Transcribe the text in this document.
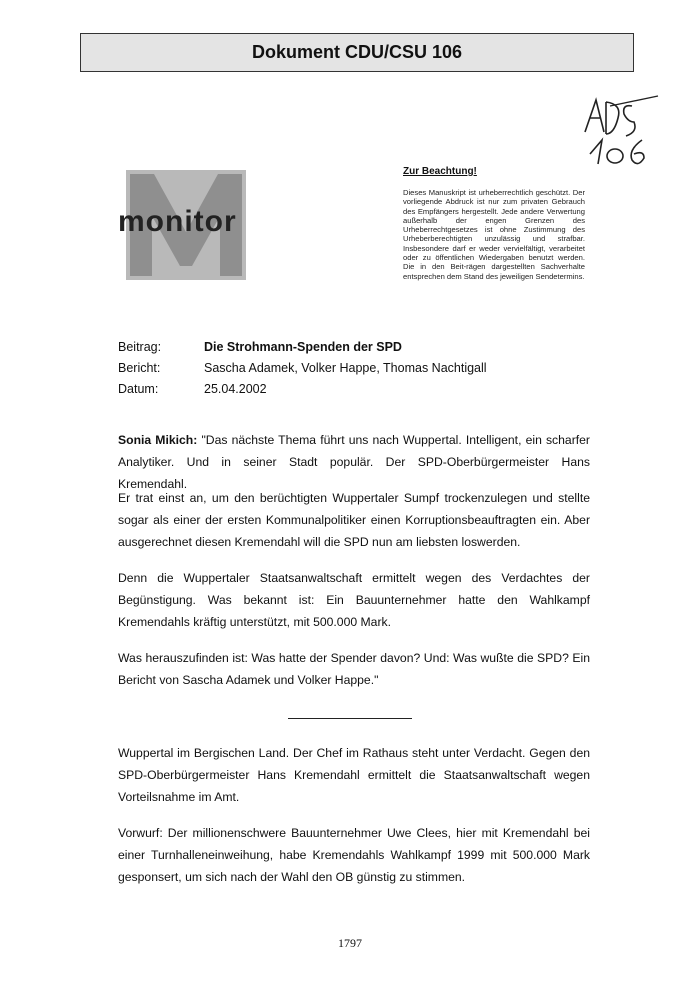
Dokument CDU/CSU 106
monitor
Zur Beachtung!
Dieses Manuskript ist urheberrechtlich geschützt. Der vorliegende Abdruck ist nur zum privaten Gebrauch des Empfängers hergestellt. Jede andere Verwertung außerhalb der engen Grenzen des Urheberrechtgesetzes ist ohne Zustimmung des Urheberberechtigten unzulässig und strafbar. Insbesondere darf er weder vervielfältigt, verarbeitet oder zu öffentlichen Wiedergaben benutzt werden. Die in den Beit-rägen dargestellten Sachverhalte entsprechen dem Stand des jeweiligen Sendetermins.
Beitrag:	Die Strohmann-Spenden der SPD
Bericht:	Sascha Adamek, Volker Happe, Thomas Nachtigall
Datum:	25.04.2002

Sonia Mikich: "Das nächste Thema führt uns nach Wuppertal. Intelligent, ein scharfer Analytiker. Und in seiner Stadt populär. Der SPD-Oberbürgermeister Hans Kremendahl.

Er trat einst an, um den berüchtigten Wuppertaler Sumpf trockenzulegen und stellte sogar als einer der ersten Kommunalpolitiker einen Korruptionsbeauftragten ein. Aber ausgerechnet diesen Kremendahl will die SPD nun am liebsten loswerden.

Denn die Wuppertaler Staatsanwaltschaft ermittelt wegen des Verdachtes der Begünstigung. Was bekannt ist: Ein Bauunternehmer hatte den Wahlkampf Kremendahls kräftig unterstützt, mit 500.000 Mark.

Was herauszufinden ist: Was hatte der Spender davon? Und: Was wußte die SPD? Ein Bericht von Sascha Adamek und Volker Happe."

Wuppertal im Bergischen Land. Der Chef im Rathaus steht unter Verdacht. Gegen den SPD-Oberbürgermeister Hans Kremendahl ermittelt die Staatsanwaltschaft wegen Vorteilsnahme im Amt.

Vorwurf: Der millionenschwere Bauunternehmer Uwe Clees, hier mit Kremendahl bei einer Turnhalleneinweihung, habe Kremendahls Wahlkampf 1999 mit 500.000 Mark gesponsert, um sich nach der Wahl den OB günstig zu stimmen.

1797
